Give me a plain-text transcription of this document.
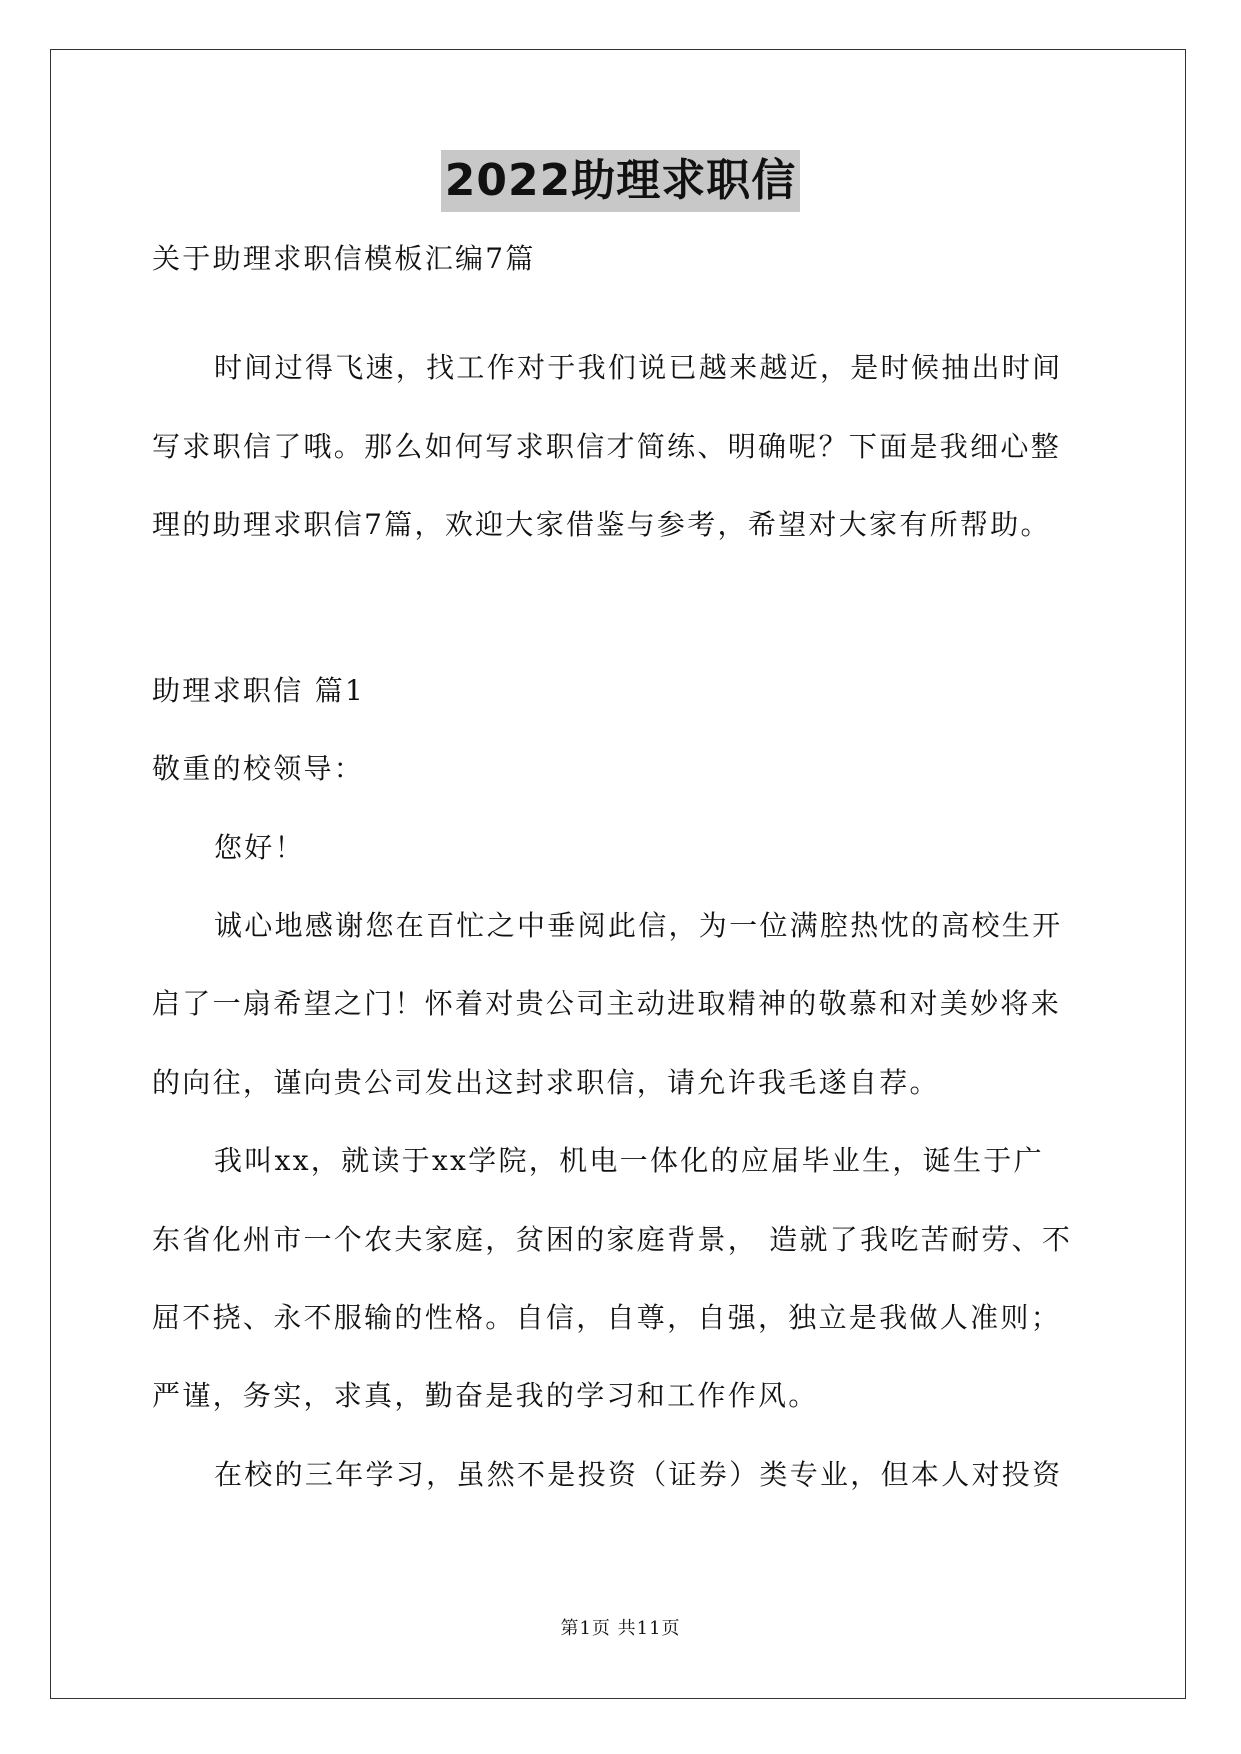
2022助理求职信
关于助理求职信模板汇编7篇
时间过得飞速，找工作对于我们说已越来越近，是时候抽出时间
写求职信了哦。那么如何写求职信才简练、明确呢？下面是我细心整
理的助理求职信7篇，欢迎大家借鉴与参考，希望对大家有所帮助。
助理求职信 篇1
敬重的校领导：
您好！
诚心地感谢您在百忙之中垂阅此信，为一位满腔热忱的高校生开
启了一扇希望之门！怀着对贵公司主动进取精神的敬慕和对美妙将来
的向往，谨向贵公司发出这封求职信，请允许我毛遂自荐。
我叫xx，就读于xx学院，机电一体化的应届毕业生，诞生于广
东省化州市一个农夫家庭，贫困的家庭背景， 造就了我吃苦耐劳、不
屈不挠、永不服输的性格。自信，自尊，自强，独立是我做人准则；
严谨，务实，求真，勤奋是我的学习和工作作风。
在校的三年学习，虽然不是投资（证券）类专业，但本人对投资
第1页 共11页
